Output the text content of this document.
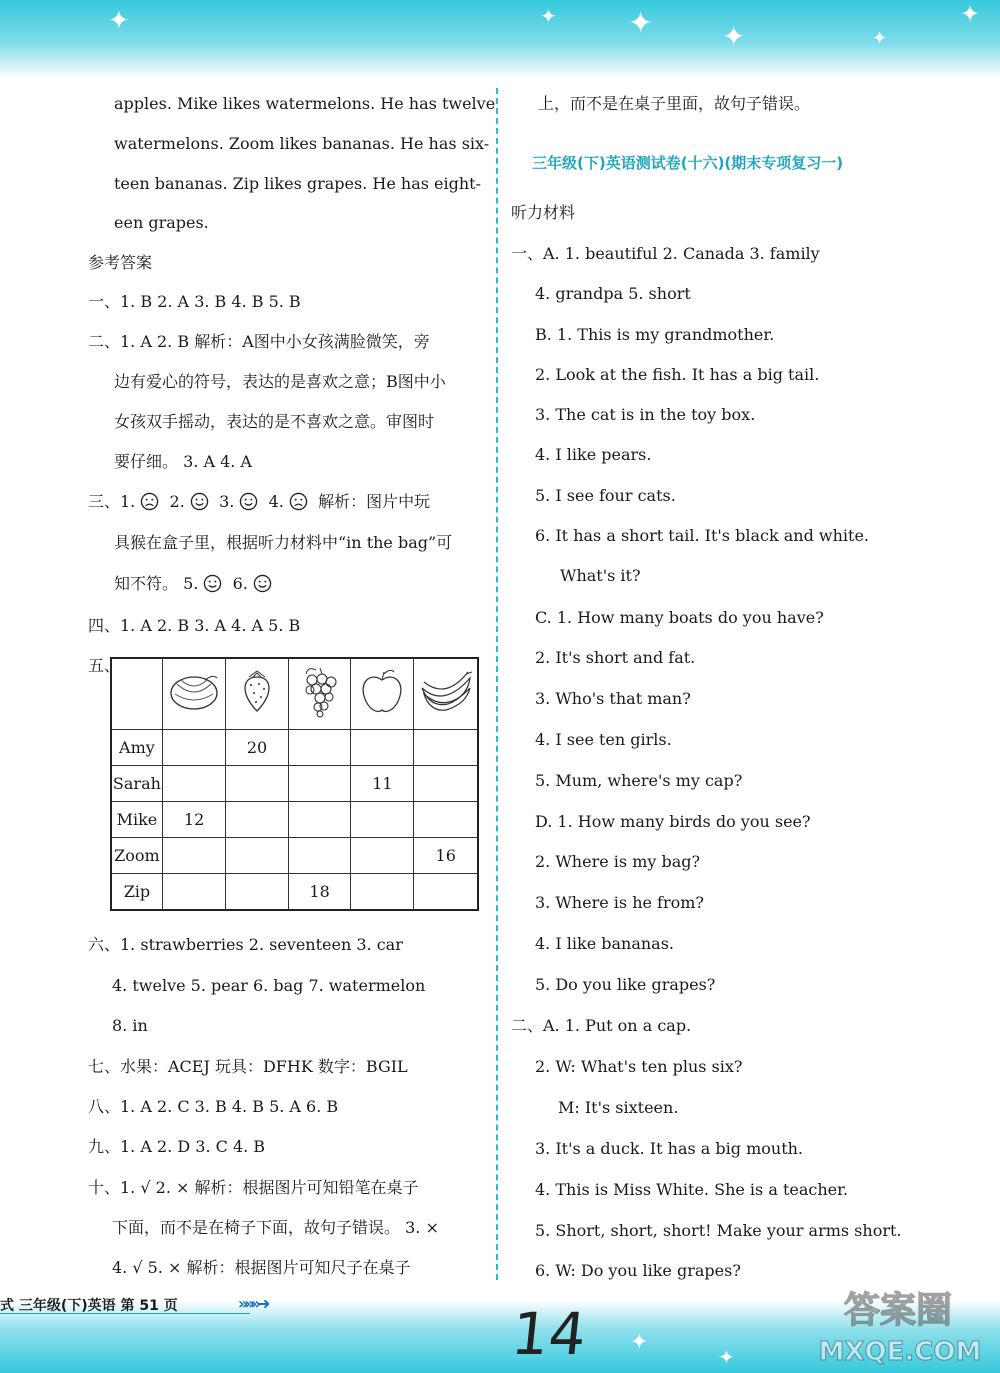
✦	✦ ✦ ✦	✦
✦
✦
✦
apples. Mike likes watermelons. He has twelve
watermelons. Zoom likes bananas. He has six-
teen bananas. Zip likes grapes. He has eight-
een grapes.
参考答案
一、1. B 2. A 3. B 4. B 5. B
二、1. A 2. B 解析：A图中小女孩满脸微笑，旁
边有爱心的符号，表达的是喜欢之意；B图中小
女孩双手摇动，表达的是不喜欢之意。审图时
要仔细。 3. A 4. A
三、1. 2. 3. 4. 解析：图片中玩
具猴在盒子里，根据听力材料中“in the bag”可
知不符。 5. 6.
四、1. A 2. B 3. A 4. A 5. B
五、

Amy		20			
Sarah				11	
Mike	12				
Zoom					16
Zip			18		
六、1. strawberries 2. seventeen 3. car
4. twelve 5. pear 6. bag 7. watermelon
8. in
七、水果：ACEJ 玩具：DFHK 数字：BGIL
八、1. A 2. C 3. B 4. B 5. A 6. B
九、1. A 2. D 3. C 4. B
十、1. √ 2. × 解析：根据图片可知铅笔在桌子
下面，而不是在椅子下面，故句子错误。 3. ×
4. √ 5. × 解析：根据图片可知尺子在桌子
上，而不是在桌子里面，故句子错误。
三年级(下)英语测试卷(十六)(期末专项复习一)
听力材料
一、A. 1. beautiful 2. Canada 3. family
4. grandpa 5. short
B. 1. This is my grandmother.
2. Look at the fish. It has a big tail.
3. The cat is in the toy box.
4. I like pears.
5. I see four cats.
6. It has a short tail. It's black and white.
What's it?
C. 1. How many boats do you have?
2. It's short and fat.
3. Who's that man?
4. I see ten girls.
5. Mum, where's my cap?
D. 1. How many birds do you see?
2. Where is my bag?
3. Where is he from?
4. I like bananas.
5. Do you like grapes?
二、A. 1. Put on a cap.
2. W: What's ten plus six?
M: It's sixteen.
3. It's a duck. It has a big mouth.
4. This is Miss White. She is a teacher.
5. Short, short, short! Make your arms short.
6. W: Do you like grapes?
式 三年级(下)英语 第 51 页	»»»➜	14	答案圈
MXQE.COM
